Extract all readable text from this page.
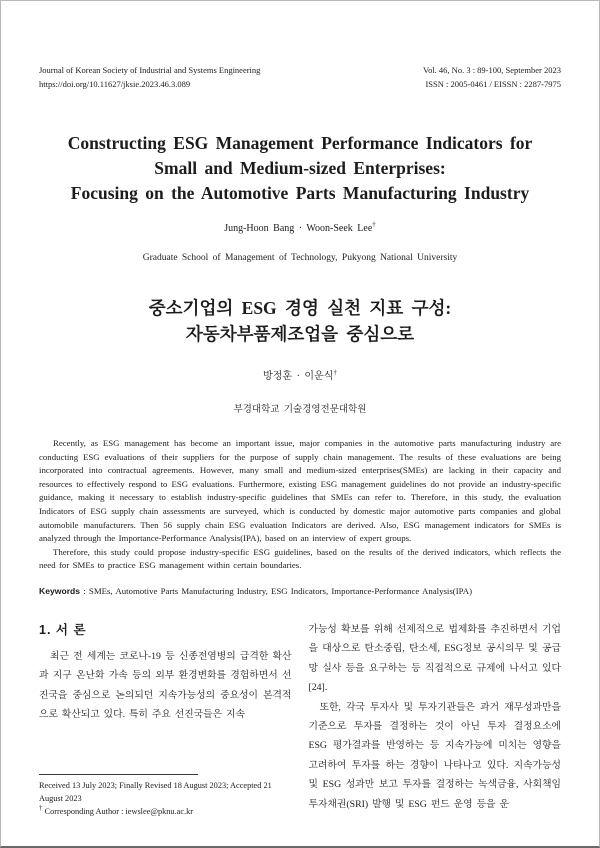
Journal of Korean Society of Industrial and Systems Engineering
https://doi.org/10.11627/jksie.2023.46.3.089
Vol. 46, No. 3 : 89-100, September 2023
ISSN : 2005-0461 / EISSN : 2287-7975
Constructing ESG Management Performance Indicators for
Small and Medium-sized Enterprises:
Focusing on the Automotive Parts Manufacturing Industry
Jung-Hoon Bang · Woon-Seek Lee†
Graduate School of Management of Technology, Pukyong National University
중소기업의 ESG 경영 실천 지표 구성:
자동차부품제조업을 중심으로
방정훈 · 이운식†
부경대학교 기술경영전문대학원

Recently, as ESG management has become an important issue, major companies in the automotive parts manufacturing industry are conducting ESG evaluations of their suppliers for the purpose of supply chain management. The results of these evaluations are being incorporated into contractual agreements. However, many small and medium-sized enterprises(SMEs) are lacking in their capacity and resources to effectively respond to ESG evaluations. Furthermore, existing ESG management guidelines do not provide an industry-specific guidance, making it necessary to establish industry-specific guidelines that SMEs can refer to. Therefore, in this study, the evaluation Indicators of ESG supply chain assessments are surveyed, which is conducted by domestic major automotive parts companies and global automobile manufacturers. Then 56 supply chain ESG evaluation Indicators are derived. Also, ESG management indicators for SMEs is analyzed through the Importance-Performance Analysis(IPA), based on an interview of expert groups.

Therefore, this study could propose industry-specific ESG guidelines, based on the results of the derived indicators, which reflects the need for SMEs to practice ESG management within certain boundaries.

Keywords : SMEs, Automotive Parts Manufacturing Industry, ESG Indicators, Importance-Performance Analysis(IPA)
1. 서 론

최근 전 세계는 코로나-19 등 신종전염병의 급격한 확산과 지구 온난화 가속 등의 외부 환경변화를 경험하면서 선진국을 중심으로 논의되던 지속가능성의 중요성이 본격적으로 확산되고 있다. 특히 주요 선진국들은 지속

Received 13 July 2023; Finally Revised 18 August 2023; Accepted 21 August 2023

† Corresponding Author : iewslee@pknu.ac.kr

가능성 확보를 위해 선제적으로 법제화를 추진하면서 기업을 대상으로 탄소중립, 탄소세, ESG정보 공시의무 및 공급망 실사 등을 요구하는 등 직접적으로 규제에 나서고 있다[24].

또한, 각국 투자사 및 투자기관들은 과거 재무성과만을 기준으로 투자를 결정하는 것이 아닌 투자 결정요소에 ESG 평가결과를 반영하는 등 지속가능에 미치는 영향을 고려하여 투자를 하는 경향이 나타나고 있다. 지속가능성 및 ESG 성과만 보고 투자를 결정하는 녹색금융, 사회책임투자채권(SRI) 발행 및 ESG 펀드 운영 등을 운
